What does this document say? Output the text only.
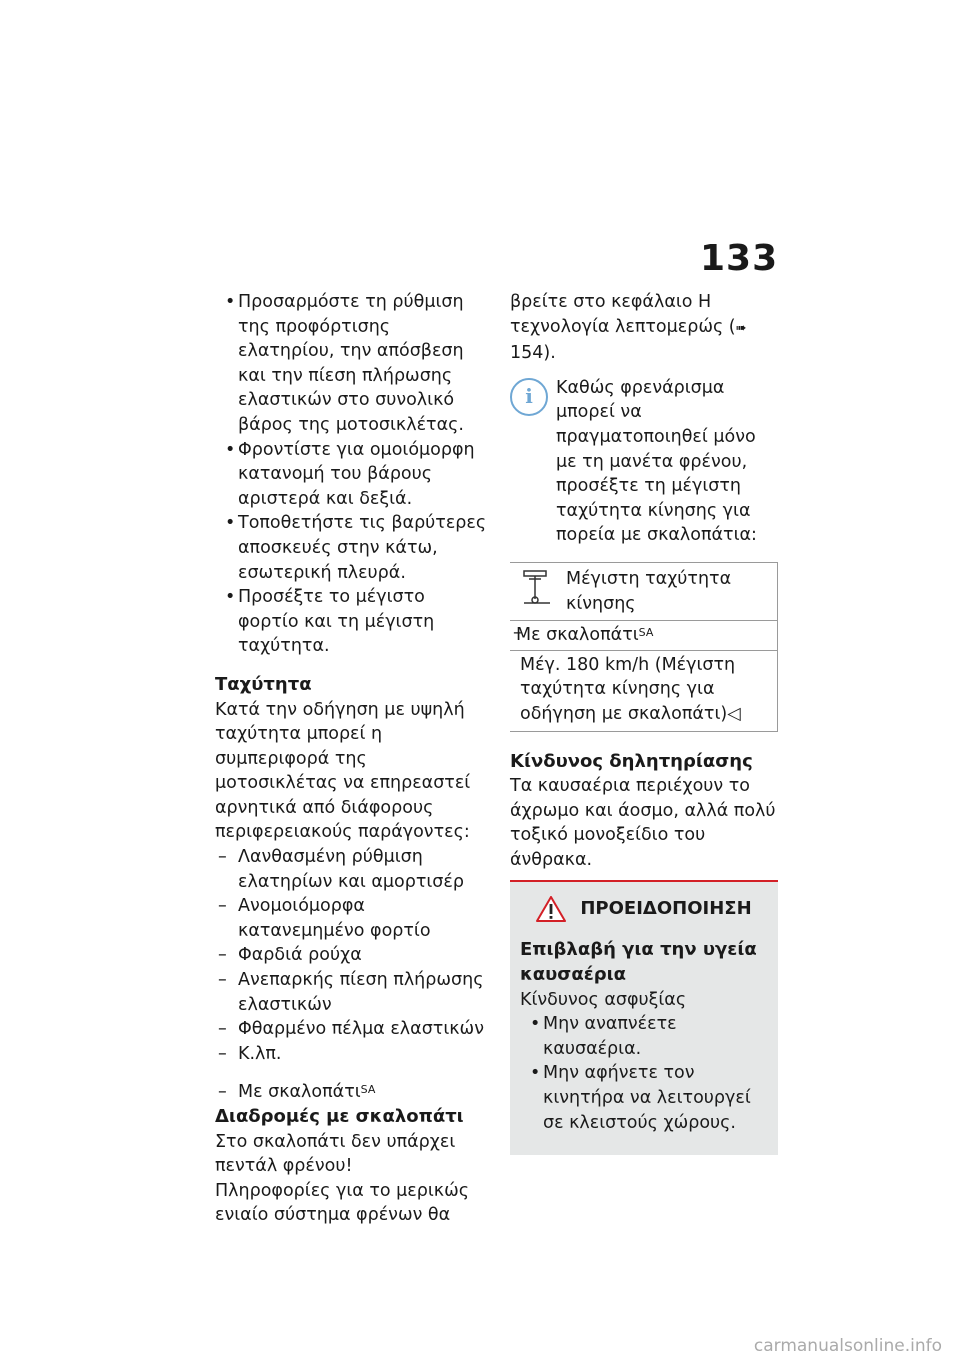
133

• Προσαρμόστε τη ρύθμιση της προφόρτισης ελατηρίου, την απόσβεση και την πίεση πλήρωσης ελαστικών στο συνολικό βάρος της μοτοσικλέτας.

• Φροντίστε για ομοιόμορφη κατανομή του βάρους αριστερά και δεξιά.

• Τοποθετήστε τις βαρύτερες αποσκευές στην κάτω, εσωτερική πλευρά.

• Προσέξτε το μέγιστο φορτίο και τη μέγιστη ταχύτητα.

Ταχύτητα

Κατά την οδήγηση με υψηλή ταχύτητα μπορεί η συμπεριφορά της μοτοσικλέτας να επηρεαστεί αρνητικά από διάφορους περιφερειακούς παράγοντες:

– Λανθασμένη ρύθμιση ελατηρίων και αμορτισέρ

– Ανομοιόμορφα κατανεμημένο φορτίο

– Φαρδιά ρούχα

– Ανεπαρκής πίεση πλήρωσης ελαστικών

– Φθαρμένο πέλμα ελαστικών

– Κ.λπ.

– Με σκαλοπάτι$^{SA}$

Διαδρομές με σκαλοπάτι

Στο σκαλοπάτι δεν υπάρχει πεντάλ φρένου!

Πληροφορίες για το μερικώς ενιαίο σύστημα φρένων θα

βρείτε στο κεφάλαιο Η τεχνολογία λεπτομερώς (➠ 154).

i	Καθώς φρενάρισμα μπορεί να πραγματοποιηθεί μόνο με τη μανέτα φρένου, προσέξτε τη μέγιστη ταχύτητα κίνησης για πορεία με σκαλοπάτια:

Μέγιστη ταχύτητα κίνησης
– Με σκαλοπάτι$^{SA}$
Μέγ. 180 km/h (Μέγιστη ταχύτητα κίνησης για οδήγηση με σκαλοπάτι)◁
Κίνδυνος δηλητηρίασης

Τα καυσαέρια περιέχουν το άχρωμο και άοσμο, αλλά πολύ τοξικό μονοξείδιο του άνθρακα.

ΠΡΟΕΙΔΟΠΟΙΗΣΗ
Επιβλαβή για την υγεία καυσαέρια

Κίνδυνος ασφυξίας

• Μην αναπνέετε καυσαέρια.

• Μην αφήνετε τον κινητήρα να λειτουργεί σε κλειστούς χώρους.

carmanualsonline.info
